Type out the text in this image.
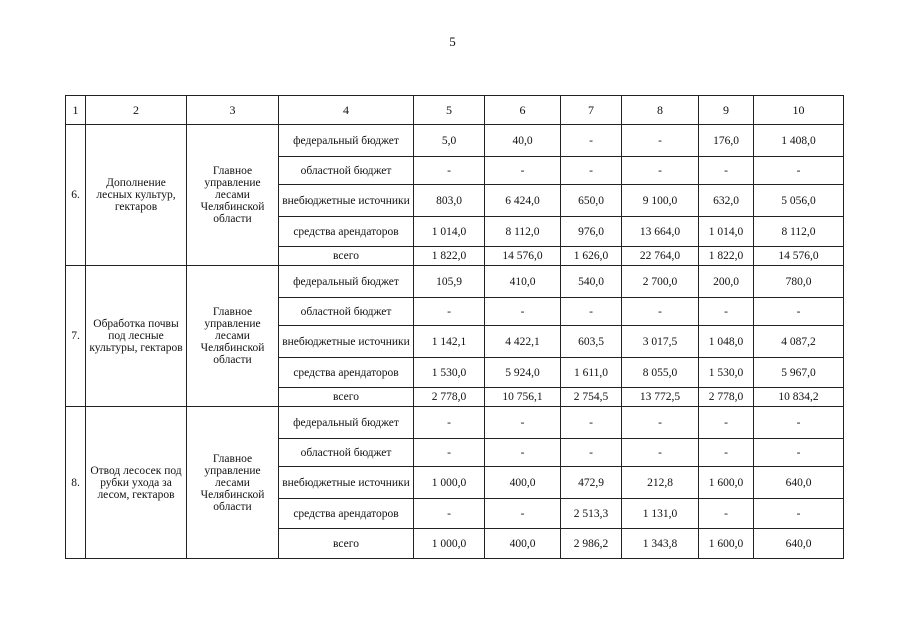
5
1	2	3	4	5	6	7	8	9	10
6.	Дополнение лесных культур, гектаров	Главное управление лесами Челябинской области	федеральный бюджет	5,0	40,0	-	-	176,0	1 408,0
			областной бюджет	-	-	-	-	-	-
			внебюджетные источники	803,0	6 424,0	650,0	9 100,0	632,0	5 056,0
			средства арендаторов	1 014,0	8 112,0	976,0	13 664,0	1 014,0	8 112,0
			всего	1 822,0	14 576,0	1 626,0	22 764,0	1 822,0	14 576,0
7.	Обработка почвы под лесные культуры, гектаров	Главное управление лесами Челябинской области	федеральный бюджет	105,9	410,0	540,0	2 700,0	200,0	780,0
			областной бюджет	-	-	-	-	-	-
			внебюджетные источники	1 142,1	4 422,1	603,5	3 017,5	1 048,0	4 087,2
			средства арендаторов	1 530,0	5 924,0	1 611,0	8 055,0	1 530,0	5 967,0
			всего	2 778,0	10 756,1	2 754,5	13 772,5	2 778,0	10 834,2
8.	Отвод лесосек под рубки ухода за лесом, гектаров	Главное управление лесами Челябинской области	федеральный бюджет	-	-	-	-	-	-
			областной бюджет	-	-	-	-	-	-
			внебюджетные источники	1 000,0	400,0	472,9	212,8	1 600,0	640,0
			средства арендаторов	-	-	2 513,3	1 131,0	-	-
			всего	1 000,0	400,0	2 986,2	1 343,8	1 600,0	640,0
